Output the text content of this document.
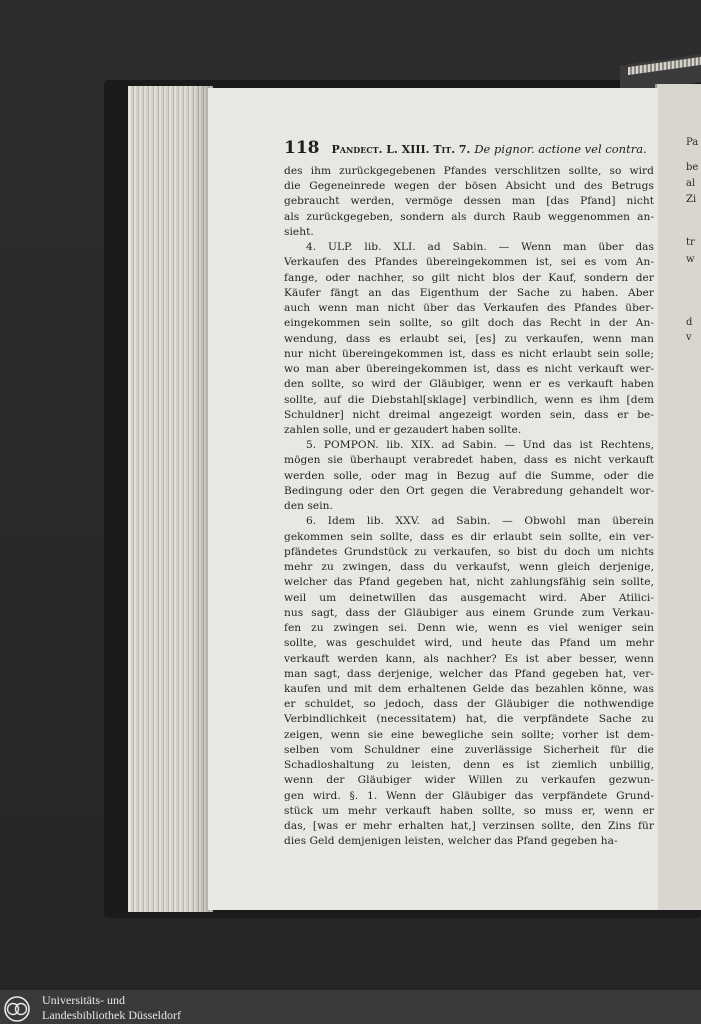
Pa
be
al
Zi
tr
w
d
v
118 Pandect. L. XIII. Tit. 7. De pignor. actione vel contra.
des ihm zurückgegebenen Pfandes verschlitzen sollte, so wird
die Gegeneinrede wegen der bösen Absicht und des Betrugs
gebraucht werden, vermöge dessen man [das Pfand] nicht
als zurückgegeben, sondern als durch Raub weggenommen an-
sieht.
4. ULP. lib. XLI. ad Sabin. — Wenn man über das
Verkaufen des Pfandes übereingekommen ist, sei es vom An-
fange, oder nachher, so gilt nicht blos der Kauf, sondern der
Käufer fängt an das Eigenthum der Sache zu haben. Aber
auch wenn man nicht über das Verkaufen des Pfandes über-
eingekommen sein sollte, so gilt doch das Recht in der An-
wendung, dass es erlaubt sei, [es] zu verkaufen, wenn man
nur nicht übereingekommen ist, dass es nicht erlaubt sein solle;
wo man aber übereingekommen ist, dass es nicht verkauft wer-
den sollte, so wird der Gläubiger, wenn er es verkauft haben
sollte, auf die Diebstahl[sklage] verbindlich, wenn es ihm [dem
Schuldner] nicht dreimal angezeigt worden sein, dass er be-
zahlen solle, und er gezaudert haben sollte.
5. POMPON. lib. XIX. ad Sabin. — Und das ist Rechtens,
mögen sie überhaupt verabredet haben, dass es nicht verkauft
werden solle, oder mag in Bezug auf die Summe, oder die
Bedingung oder den Ort gegen die Verabredung gehandelt wor-
den sein.
6. Idem lib. XXV. ad Sabin. — Obwohl man überein
gekommen sein sollte, dass es dir erlaubt sein sollte, ein ver-
pfändetes Grundstück zu verkaufen, so bist du doch um nichts
mehr zu zwingen, dass du verkaufst, wenn gleich derjenige,
welcher das Pfand gegeben hat, nicht zahlungsfähig sein sollte,
weil um deinetwillen das ausgemacht wird. Aber Atilici-
nus sagt, dass der Gläubiger aus einem Grunde zum Verkau-
fen zu zwingen sei. Denn wie, wenn es viel weniger sein
sollte, was geschuldet wird, und heute das Pfand um mehr
verkauft werden kann, als nachher? Es ist aber besser, wenn
man sagt, dass derjenige, welcher das Pfand gegeben hat, ver-
kaufen und mit dem erhaltenen Gelde das bezahlen könne, was
er schuldet, so jedoch, dass der Gläubiger die nothwendige
Verbindlichkeit (necessitatem) hat, die verpfändete Sache zu
zeigen, wenn sie eine bewegliche sein sollte; vorher ist dem-
selben vom Schuldner eine zuverlässige Sicherheit für die
Schadloshaltung zu leisten, denn es ist ziemlich unbillig,
wenn der Gläubiger wider Willen zu verkaufen gezwun-
gen wird. §. 1. Wenn der Gläubiger das verpfändete Grund-
stück um mehr verkauft haben sollte, so muss er, wenn er
das, [was er mehr erhalten hat,] verzinsen sollte, den Zins für
dies Geld demjenigen leisten, welcher das Pfand gegeben ha-
Universitäts- und
Landesbibliothek Düsseldorf
